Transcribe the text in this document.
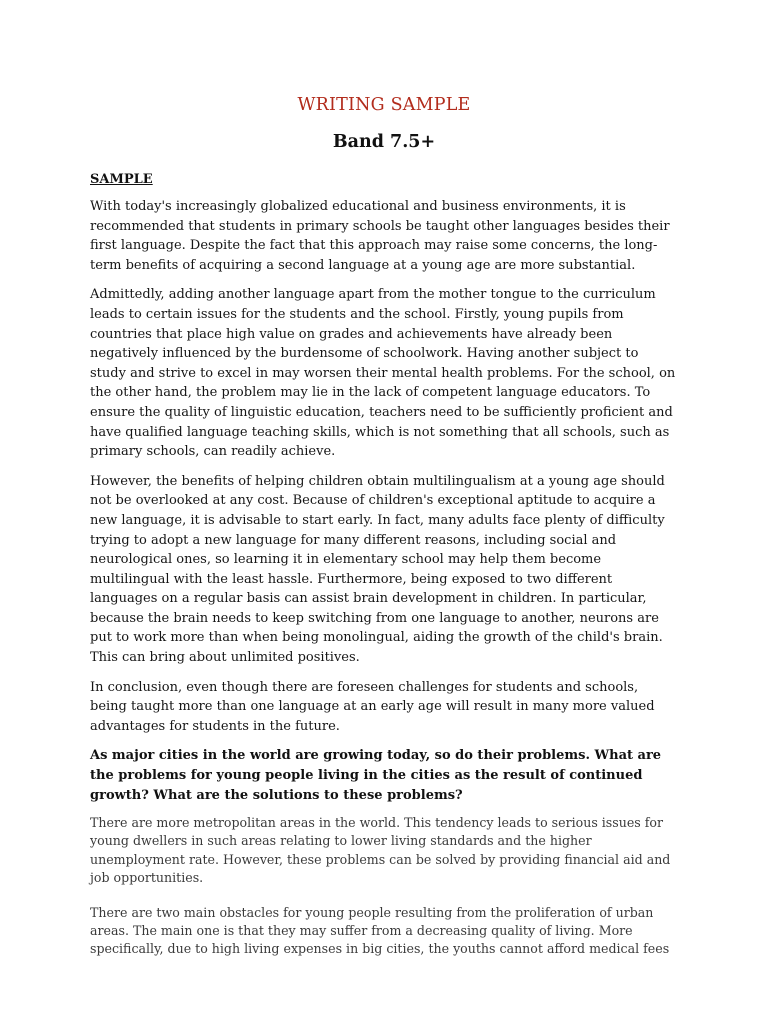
WRITING SAMPLE
Band 7.5+
SAMPLE

With today's increasingly globalized educational and business environments, it is recommended that students in primary schools be taught other languages besides their first language. Despite the fact that this approach may raise some concerns, the long-term benefits of acquiring a second language at a young age are more substantial.

Admittedly, adding another language apart from the mother tongue to the curriculum leads to certain issues for the students and the school. Firstly, young pupils from countries that place high value on grades and achievements have already been negatively influenced by the burdensome of schoolwork. Having another subject to study and strive to excel in may worsen their mental health problems. For the school, on the other hand, the problem may lie in the lack of competent language educators. To ensure the quality of linguistic education, teachers need to be sufficiently proficient and have qualified language teaching skills, which is not something that all schools, such as primary schools, can readily achieve.

However, the benefits of helping children obtain multilingualism at a young age should not be overlooked at any cost. Because of children's exceptional aptitude to acquire a new language, it is advisable to start early. In fact, many adults face plenty of difficulty trying to adopt a new language for many different reasons, including social and neurological ones, so learning it in elementary school may help them become multilingual with the least hassle. Furthermore, being exposed to two different languages on a regular basis can assist brain development in children. In particular, because the brain needs to keep switching from one language to another, neurons are put to work more than when being monolingual, aiding the growth of the child's brain. This can bring about unlimited positives.

In conclusion, even though there are foreseen challenges for students and schools, being taught more than one language at an early age will result in many more valued advantages for students in the future.

As major cities in the world are growing today, so do their problems. What are the problems for young people living in the cities as the result of continued growth? What are the solutions to these problems?

There are more metropolitan areas in the world. This tendency leads to serious issues for young dwellers in such areas relating to lower living standards and the higher unemployment rate. However, these problems can be solved by providing financial aid and job opportunities.

There are two main obstacles for young people resulting from the proliferation of urban areas. The main one is that they may suffer from a decreasing quality of living. More specifically, due to high living expenses in big cities, the youths cannot afford medical fees
